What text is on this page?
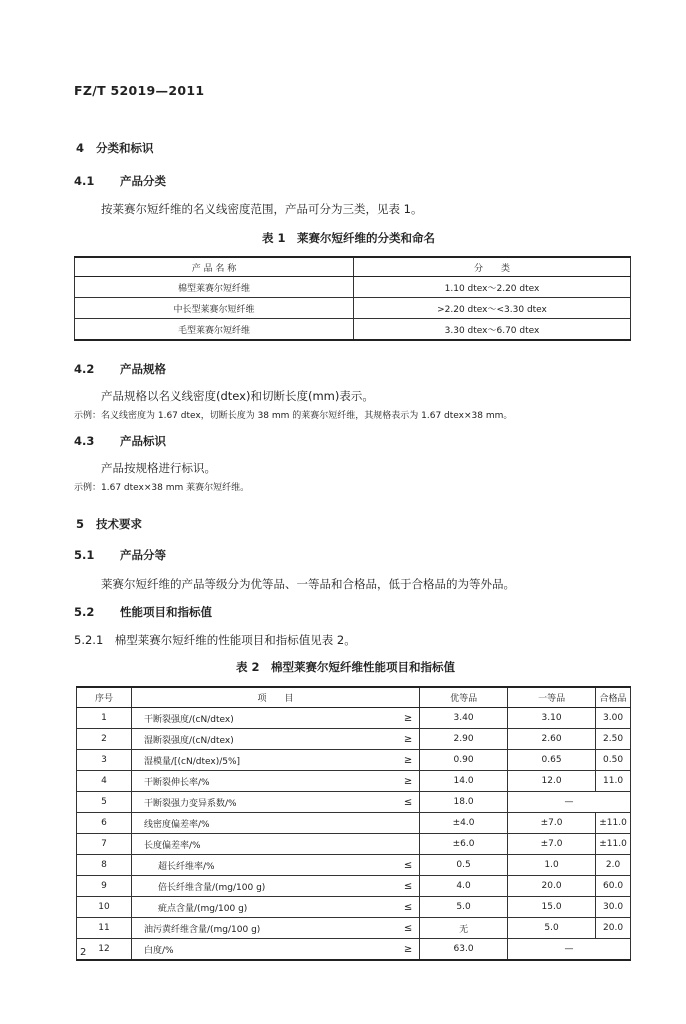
FZ/T 52019—2011
4 分类和标识
4.1 产品分类
按莱赛尔短纤维的名义线密度范围，产品可分为三类，见表 1。
表 1　莱赛尔短纤维的分类和命名
产 品 名 称	分　　类
棉型莱赛尔短纤维	1.10 dtex～2.20 dtex
中长型莱赛尔短纤维	>2.20 dtex～<3.30 dtex
毛型莱赛尔短纤维	3.30 dtex～6.70 dtex
4.2 产品规格
产品规格以名义线密度(dtex)和切断长度(mm)表示。
示例：名义线密度为 1.67 dtex，切断长度为 38 mm 的莱赛尔短纤维，其规格表示为 1.67 dtex×38 mm。
4.3 产品标识
产品按规格进行标识。
示例：1.67 dtex×38 mm 莱赛尔短纤维。
5 技术要求
5.1 产品分等
莱赛尔短纤维的产品等级分为优等品、一等品和合格品，低于合格品的为等外品。
5.2 性能项目和指标值
5.2.1　棉型莱赛尔短纤维的性能项目和指标值见表 2。
表 2　棉型莱赛尔短纤维性能项目和指标值
序号	项　　目		优等品	一等品	合格品
1	干断裂强度/(cN/dtex)	≥	3.40	3.10	3.00
2	湿断裂强度/(cN/dtex)	≥	2.90	2.60	2.50
3	湿模量/[(cN/dtex)/5%]	≥	0.90	0.65	0.50
4	干断裂伸长率/%	≥	14.0	12.0	11.0
5	干断裂强力变异系数/%	≤	18.0	—	
6	线密度偏差率/%		±4.0	±7.0	±11.0
7	长度偏差率/%		±6.0	±7.0	±11.0
8	超长纤维率/%	≤	0.5	1.0	2.0
9	倍长纤维含量/(mg/100 g)	≤	4.0	20.0	60.0
10	疵点含量/(mg/100 g)	≤	5.0	15.0	30.0
11	油污黄纤维含量/(mg/100 g)	≤	无	5.0	20.0
12	白度/%	≥	63.0	—	
2
